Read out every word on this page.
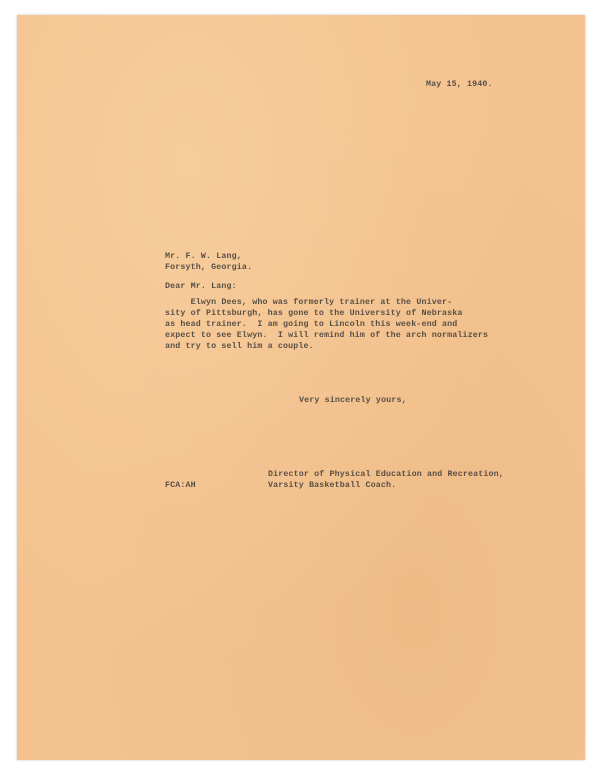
May 15, 1940.

Mr. F. W. Lang,
Forsyth, Georgia.

Dear Mr. Lang:

Elwyn Dees, who was formerly trainer at the Univer-
sity of Pittsburgh, has gone to the University of Nebraska
as head trainer.  I am going to Lincoln this week-end and
expect to see Elwyn.  I will remind him of the arch normalizers
and try to sell him a couple.

Very sincerely yours,

Director of Physical Education and Recreation,
Varsity Basketball Coach.

FCA:AH
